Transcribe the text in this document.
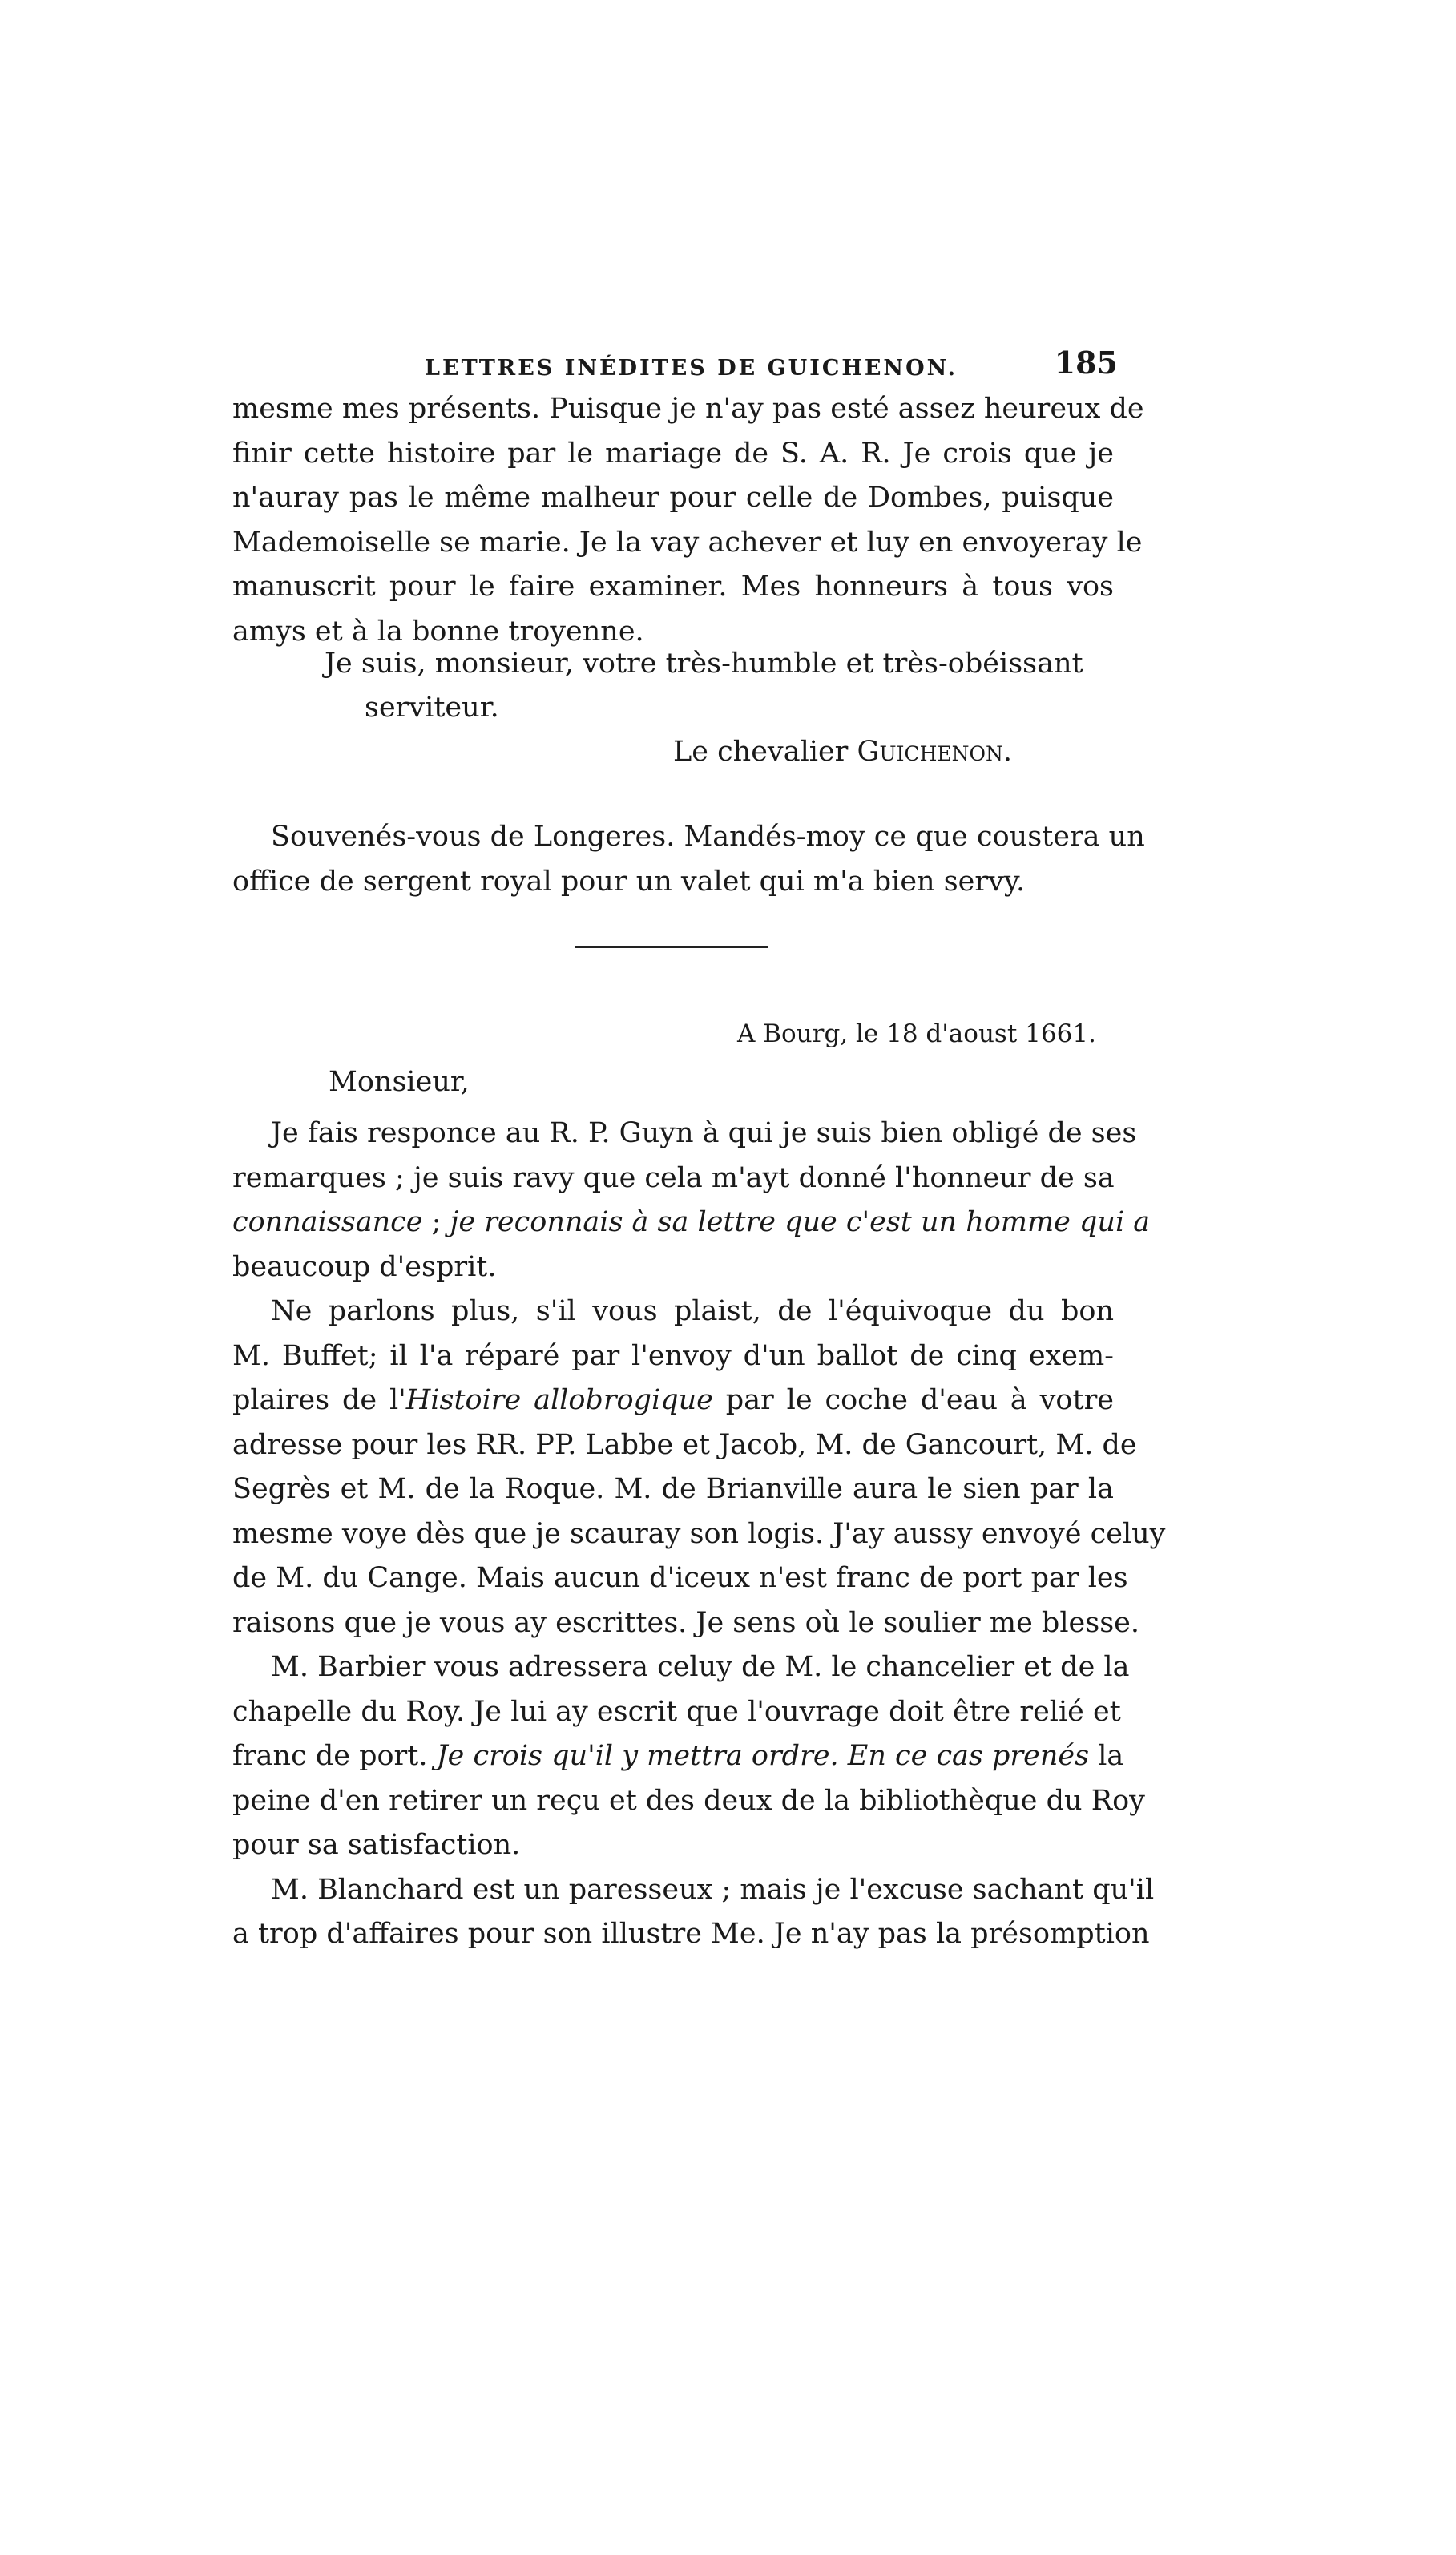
LETTRES INÉDITES DE GUICHENON.	185
mesme mes présents. Puisque je n'ay pas esté assez heureux de
finir cette histoire par le mariage de S. A. R. Je crois que je
n'auray pas le même malheur pour celle de Dombes, puisque
Mademoiselle se marie. Je la vay achever et luy en envoyeray le
manuscrit pour le faire examiner. Mes honneurs à tous vos
amys et à la bonne troyenne.
Je suis, monsieur, votre très-humble et très-obéissant
serviteur.
Le chevalier Guichenon.
Souvenés-vous de Longeres. Mandés-moy ce que coustera un
office de sergent royal pour un valet qui m'a bien servy.
A Bourg, le 18 d'aoust 1661.
Monsieur,
Je fais responce au R. P. Guyn à qui je suis bien obligé de ses
remarques ; je suis ravy que cela m'ayt donné l'honneur de sa
connaissance ; je reconnais à sa lettre que c'est un homme qui a
beaucoup d'esprit.
Ne parlons plus, s'il vous plaist, de l'équivoque du bon
M. Buffet; il l'a réparé par l'envoy d'un ballot de cinq exem-
plaires de l'Histoire allobrogique par le coche d'eau à votre
adresse pour les RR. PP. Labbe et Jacob, M. de Gancourt, M. de
Segrès et M. de la Roque. M. de Brianville aura le sien par la
mesme voye dès que je scauray son logis. J'ay aussy envoyé celuy
de M. du Cange. Mais aucun d'iceux n'est franc de port par les
raisons que je vous ay escrittes. Je sens où le soulier me blesse.
M. Barbier vous adressera celuy de M. le chancelier et de la
chapelle du Roy. Je lui ay escrit que l'ouvrage doit être relié et
franc de port. Je crois qu'il y mettra ordre. En ce cas prenés la
peine d'en retirer un reçu et des deux de la bibliothèque du Roy
pour sa satisfaction.
M. Blanchard est un paresseux ; mais je l'excuse sachant qu'il
a trop d'affaires pour son illustre Me. Je n'ay pas la présomption
